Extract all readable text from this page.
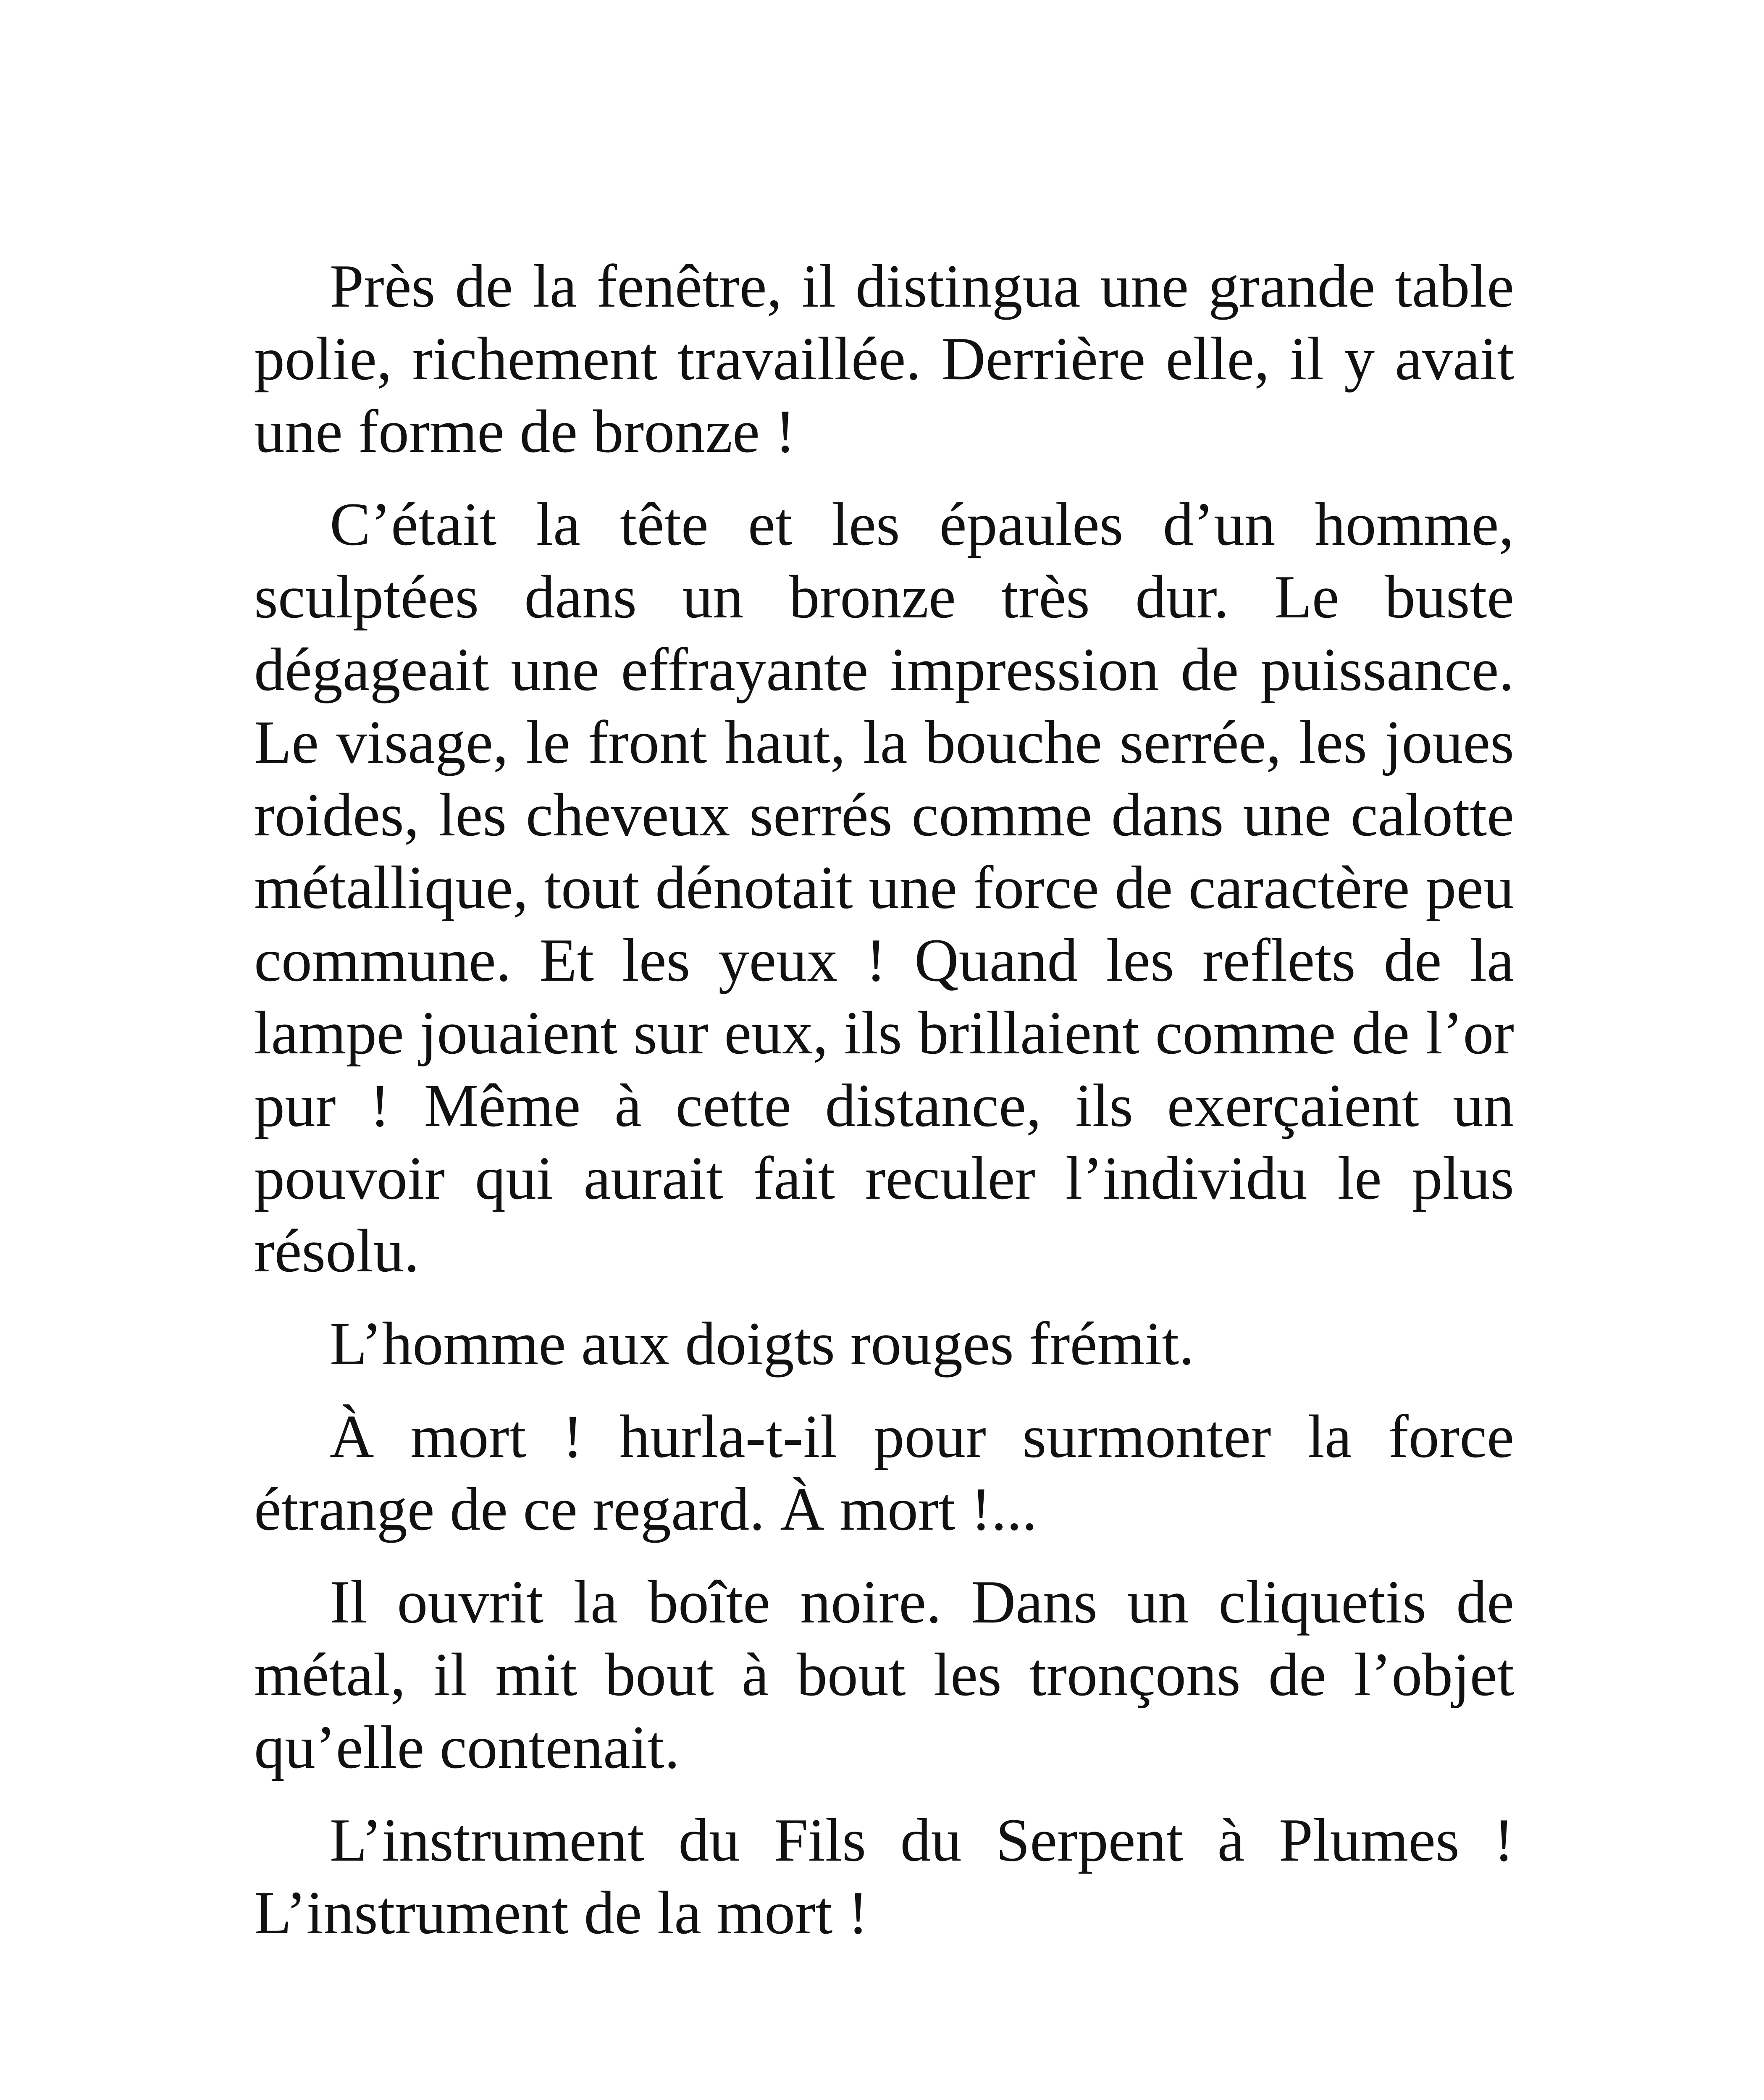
Près de la fenêtre, il distingua une grande table polie, richement travaillée. Derrière elle, il y avait une forme de bronze !

C’était la tête et les épaules d’un homme, sculptées dans un bronze très dur. Le buste dégageait une effrayante impression de puissance. Le visage, le front haut, la bouche serrée, les joues roides, les cheveux serrés comme dans une calotte métallique, tout dénotait une force de caractère peu commune. Et les yeux ! Quand les reflets de la lampe jouaient sur eux, ils brillaient comme de l’or pur ! Même à cette distance, ils exerçaient un pouvoir qui aurait fait reculer l’individu le plus résolu.

L’homme aux doigts rouges frémit.

À mort ! hurla-t-il pour surmonter la force étrange de ce regard. À mort !...

Il ouvrit la boîte noire. Dans un cliquetis de métal, il mit bout à bout les tronçons de l’objet qu’elle contenait.

L’instrument du Fils du Serpent à Plumes ! L’instrument de la mort !
